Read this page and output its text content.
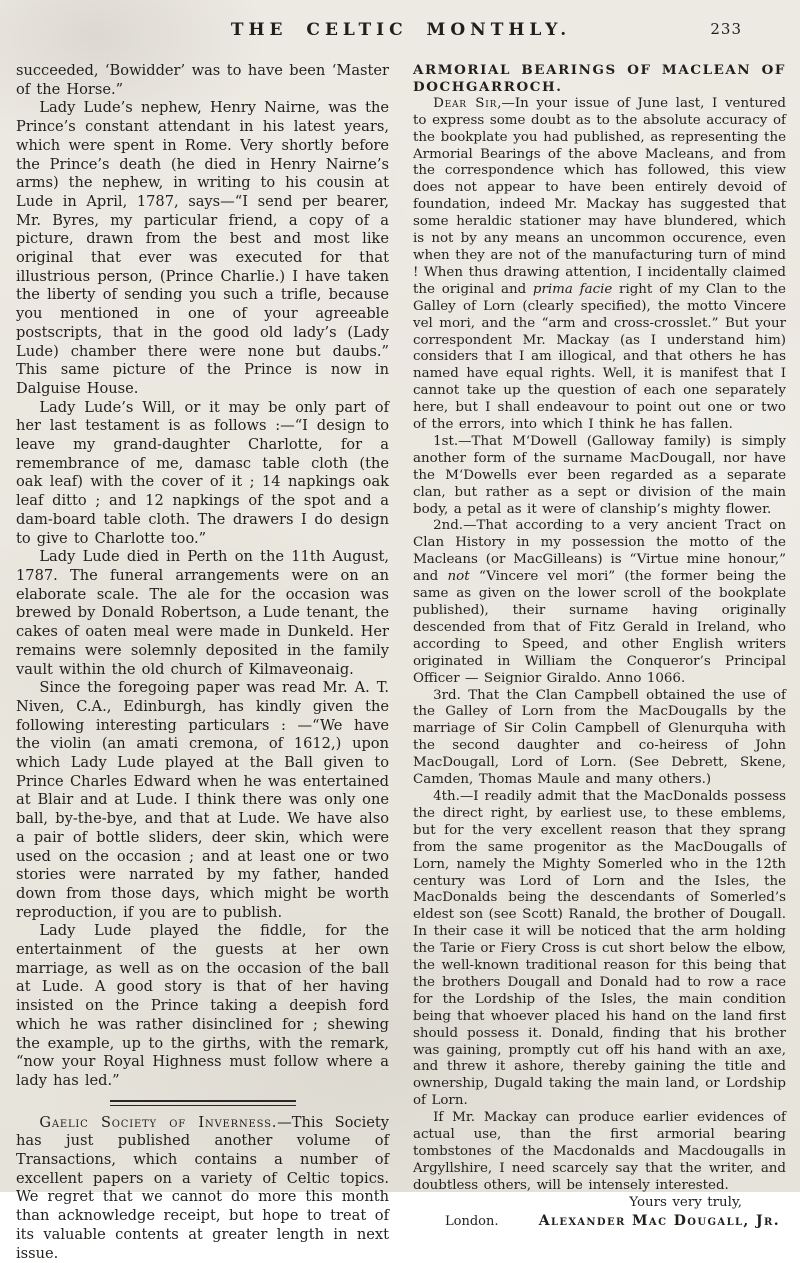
THE CELTIC MONTHLY.	233

succeeded, ‘Bowidder’ was to have been ‘Master of the Horse.”

Lady Lude’s nephew, Henry Nairne, was the Prince’s constant attendant in his latest years, which were spent in Rome. Very shortly before the Prince’s death (he died in Henry Nairne’s arms) the nephew, in writing to his cousin at Lude in April, 1787, says—“I send per bearer, Mr. Byres, my particular friend, a copy of a picture, drawn from the best and most like original that ever was executed for that illustrious person, (Prince Charlie.) I have taken the liberty of sending you such a trifle, because you mentioned in one of your agreeable postscripts, that in the good old lady’s (Lady Lude) chamber there were none but daubs.” This same picture of the Prince is now in Dalguise House.

Lady Lude’s Will, or it may be only part of her last testament is as follows :—“I design to leave my grand-daughter Charlotte, for a remembrance of me, damasc table cloth (the oak leaf) with the cover of it ; 14 napkings oak leaf ditto ; and 12 napkings of the spot and a dam-board table cloth. The drawers I do design to give to Charlotte too.”

Lady Lude died in Perth on the 11th August, 1787. The funeral arrangements were on an elaborate scale. The ale for the occasion was brewed by Donald Robertson, a Lude tenant, the cakes of oaten meal were made in Dunkeld. Her remains were solemnly deposited in the family vault within the old church of Kilmaveonaig.

Since the foregoing paper was read Mr. A. T. Niven, C.A., Edinburgh, has kindly given the following interesting particulars : —“We have the violin (an amati cremona, of 1612,) upon which Lady Lude played at the Ball given to Prince Charles Edward when he was entertained at Blair and at Lude. I think there was only one ball, by-the-bye, and that at Lude. We have also a pair of bottle sliders, deer skin, which were used on the occasion ; and at least one or two stories were narrated by my father, handed down from those days, which might be worth reproduction, if you are to publish.

Lady Lude played the fiddle, for the entertainment of the guests at her own marriage, as well as on the occasion of the ball at Lude. A good story is that of her having insisted on the Prince taking a deepish ford which he was rather disinclined for ; shewing the example, up to the girths, with the remark, “now your Royal Highness must follow where a lady has led.”

Gaelic Society of Inverness.—This Society has just published another volume of Transactions, which contains a number of excellent papers on a variety of Celtic topics. We regret that we cannot do more this month than acknowledge receipt, but hope to treat of its valuable contents at greater length in next issue.

ARMORIAL BEARINGS OF MACLEAN OF DOCHGARROCH.

Dear Sir,—In your issue of June last, I ventured to express some doubt as to the absolute accuracy of the bookplate you had published, as representing the Armorial Bearings of the above Macleans, and from the correspondence which has followed, this view does not appear to have been entirely devoid of foundation, indeed Mr. Mackay has suggested that some heraldic stationer may have blundered, which is not by any means an uncommon occurence, even when they are not of the manufacturing turn of mind ! When thus drawing attention, I incidentally claimed the original and prima facie right of my Clan to the Galley of Lorn (clearly specified), the motto Vincere vel mori, and the “arm and cross-crosslet.” But your correspondent Mr. Mackay (as I understand him) considers that I am illogical, and that others he has named have equal rights. Well, it is manifest that I cannot take up the question of each one separately here, but I shall endeavour to point out one or two of the errors, into which I think he has fallen.

1st.—That M‘Dowell (Galloway family) is simply another form of the surname MacDougall, nor have the M‘Dowells ever been regarded as a separate clan, but rather as a sept or division of the main body, a petal as it were of clanship’s mighty flower.

2nd.—That according to a very ancient Tract on Clan History in my possession the motto of the Macleans (or MacGilleans) is “Virtue mine honour,” and not “Vincere vel mori” (the former being the same as given on the lower scroll of the bookplate published), their surname having originally descended from that of Fitz Gerald in Ireland, who according to Speed, and other English writers originated in William the Conqueror’s Principal Officer — Seignior Giraldo. Anno 1066.

3rd. That the Clan Campbell obtained the use of the Galley of Lorn from the MacDougalls by the marriage of Sir Colin Campbell of Glenurquha with the second daughter and co-heiress of John MacDougall, Lord of Lorn. (See Debrett, Skene, Camden, Thomas Maule and many others.)

4th.—I readily admit that the MacDonalds possess the direct right, by earliest use, to these emblems, but for the very excellent reason that they sprang from the same progenitor as the MacDougalls of Lorn, namely the Mighty Somerled who in the 12th century was Lord of Lorn and the Isles, the MacDonalds being the descendants of Somerled’s eldest son (see Scott) Ranald, the brother of Dougall. In their case it will be noticed that the arm holding the Tarie or Fiery Cross is cut short below the elbow, the well-known traditional reason for this being that the brothers Dougall and Donald had to row a race for the Lordship of the Isles, the main condition being that whoever placed his hand on the land first should possess it. Donald, finding that his brother was gaining, promptly cut off his hand with an axe, and threw it ashore, thereby gaining the title and ownership, Dugald taking the main land, or Lordship of Lorn.

If Mr. Mackay can produce earlier evidences of actual use, than the first armorial bearing tombstones of the Macdonalds and Macdougalls in Argyllshire, I need scarcely say that the writer, and doubtless others, will be intensely interested.

Yours very truly,

London.	Alexander Mac Dougall, Jr.
